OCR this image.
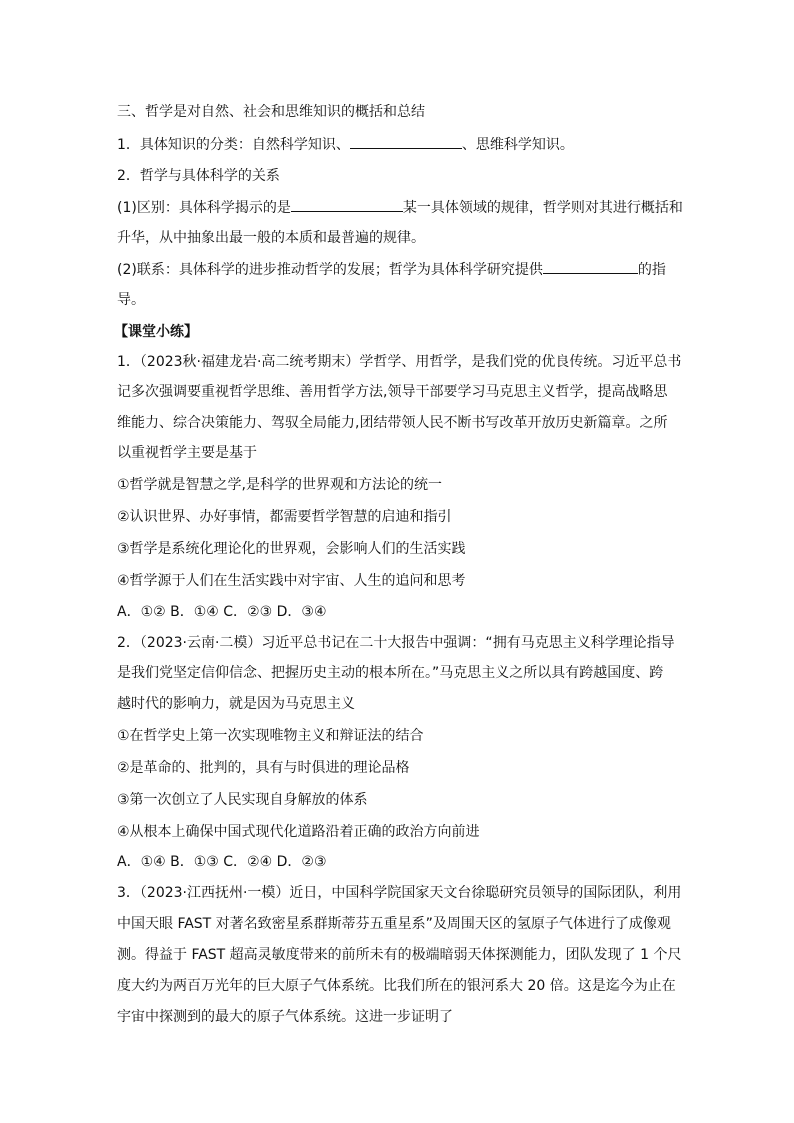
三、哲学是对自然、社会和思维知识的概括和总结
1．具体知识的分类：自然科学知识、	、思维科学知识。
2．哲学与具体科学的关系
(1)区别：具体科学揭示的是	某一具体领域的规律，哲学则对其进行概括和
升华，从中抽象出最一般的本质和最普遍的规律。
(2)联系：具体科学的进步推动哲学的发展；哲学为具体科学研究提供	的指
导。
【课堂小练】
1．（2023秋·福建龙岩·高二统考期末）学哲学、用哲学，是我们党的优良传统。习近平总书
记多次强调要重视哲学思维、善用哲学方法,领导干部要学习马克思主义哲学，提高战略思
维能力、综合决策能力、驾驭全局能力,团结带领人民不断书写改革开放历史新篇章。之所
以重视哲学主要是基于
①哲学就是智慧之学,是科学的世界观和方法论的统一
②认识世界、办好事情，都需要哲学智慧的启迪和指引
③哲学是系统化理论化的世界观，会影响人们的生活实践
④哲学源于人们在生活实践中对宇宙、人生的追问和思考
A．①② B．①④ C．②③ D．③④
2．（2023·云南·二模）习近平总书记在二十大报告中强调：“拥有马克思主义科学理论指导
是我们党坚定信仰信念、把握历史主动的根本所在。”马克思主义之所以具有跨越国度、跨
越时代的影响力，就是因为马克思主义
①在哲学史上第一次实现唯物主义和辩证法的结合
②是革命的、批判的，具有与时俱进的理论品格
③第一次创立了人民实现自身解放的体系
④从根本上确保中国式现代化道路沿着正确的政治方向前进
A．①④ B．①③ C．②④ D．②③
3．（2023·江西抚州·一模）近日，中国科学院国家天文台徐聪研究员领导的国际团队，利用
中国天眼 FAST 对著名致密星系群斯蒂芬五重星系”及周围天区的氢原子气体进行了成像观
测。得益于 FAST 超高灵敏度带来的前所未有的极端暗弱天体探测能力，团队发现了 1 个尺
度大约为两百万光年的巨大原子气体系统。比我们所在的银河系大 20 倍。这是迄今为止在
宇宙中探测到的最大的原子气体系统。这进一步证明了
